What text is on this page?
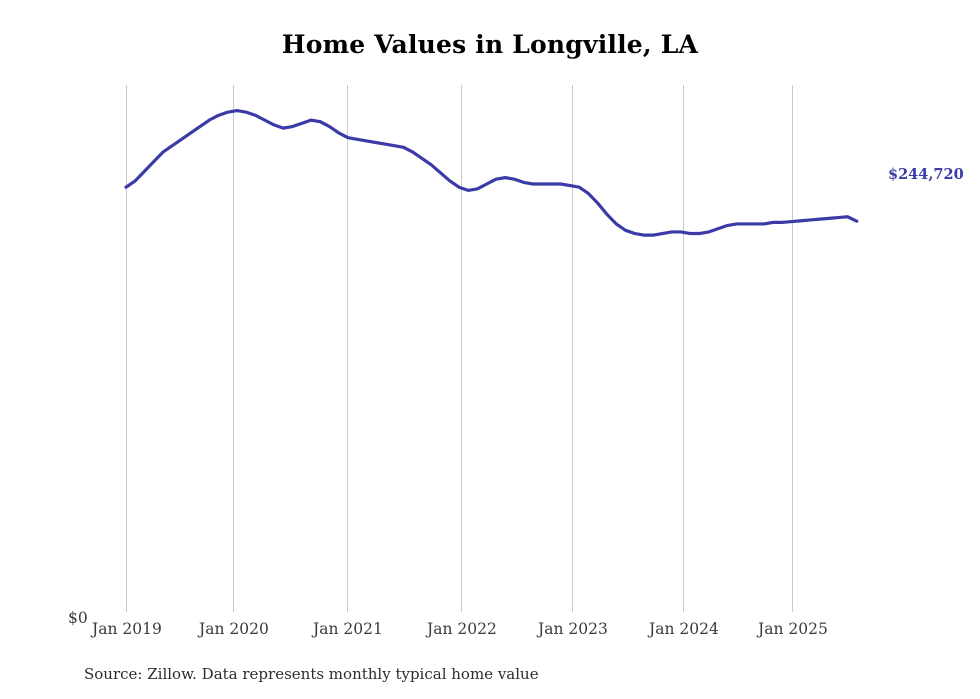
Home Values in Longville, LA
Jan 2019 Jan 2020	Jan 2021	Jan 2022	Jan 2023	Jan 2024	Jan 2025
$0
$244,720
Source: Zillow. Data represents monthly typical home value
